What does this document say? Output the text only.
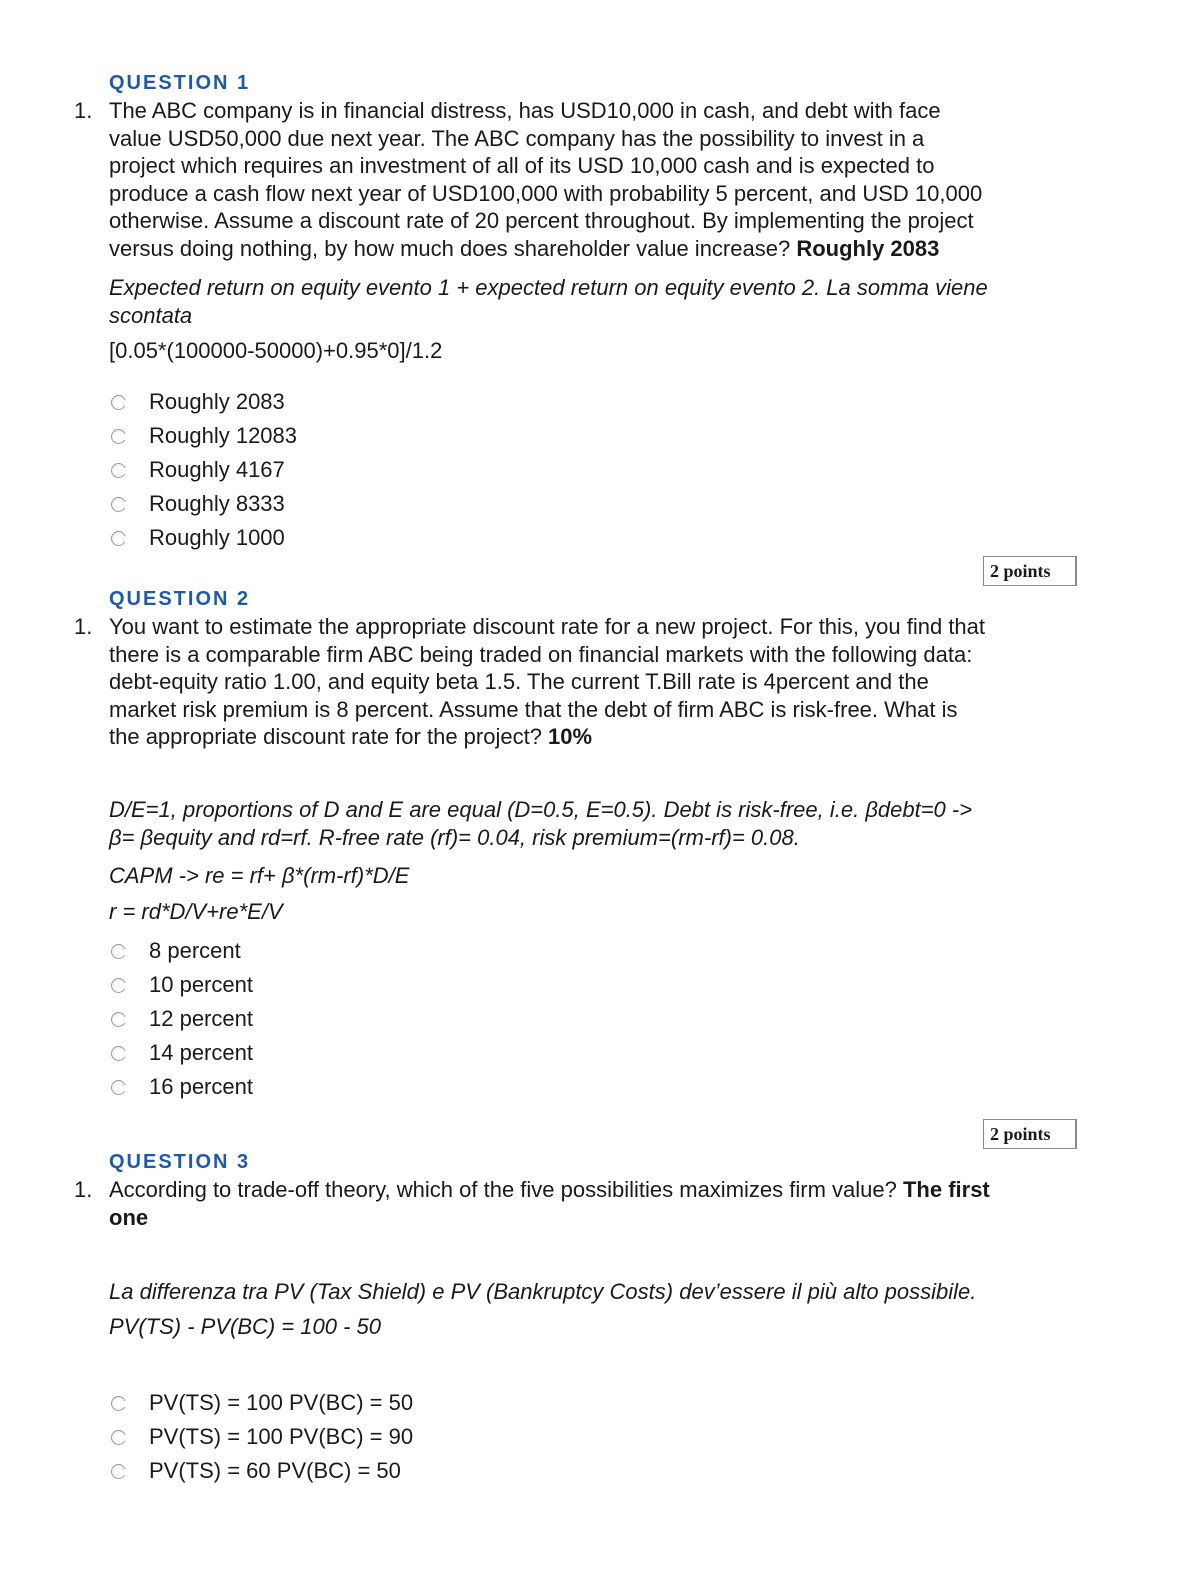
QUESTION 1
1. The ABC company is in financial distress, has USD10,000 in cash, and debt with face
value USD50,000 due next year. The ABC company has the possibility to invest in a
project which requires an investment of all of its USD 10,000 cash and is expected to
produce a cash flow next year of USD100,000 with probability 5 percent, and USD 10,000
otherwise. Assume a discount rate of 20 percent throughout. By implementing the project
versus doing nothing, by how much does shareholder value increase? Roughly 2083
Expected return on equity evento 1 + expected return on equity evento 2. La somma viene
scontata
[0.05*(100000-50000)+0.95*0]/1.2
Roughly 2083
Roughly 12083
Roughly 4167
Roughly 8333
Roughly 1000
2 points
QUESTION 2
1. You want to estimate the appropriate discount rate for a new project. For this, you find that
there is a comparable firm ABC being traded on financial markets with the following data:
debt-equity ratio 1.00, and equity beta 1.5. The current T.Bill rate is 4percent and the
market risk premium is 8 percent. Assume that the debt of firm ABC is risk-free. What is
the appropriate discount rate for the project? 10%
D/E=1, proportions of D and E are equal (D=0.5, E=0.5). Debt is risk-free, i.e. βdebt=0 ->
β= βequity and rd=rf. R-free rate (rf)= 0.04, risk premium=(rm-rf)= 0.08.
CAPM -> re = rf+ β*(rm-rf)*D/E
r = rd*D/V+re*E/V
8 percent
10 percent
12 percent
14 percent
16 percent
2 points
QUESTION 3
1. According to trade-off theory, which of the five possibilities maximizes firm value? The first
one
La differenza tra PV (Tax Shield) e PV (Bankruptcy Costs) dev’essere il più alto possibile.
PV(TS) - PV(BC) = 100 - 50
PV(TS) = 100 PV(BC) = 50
PV(TS) = 100 PV(BC) = 90
PV(TS) = 60 PV(BC) = 50
